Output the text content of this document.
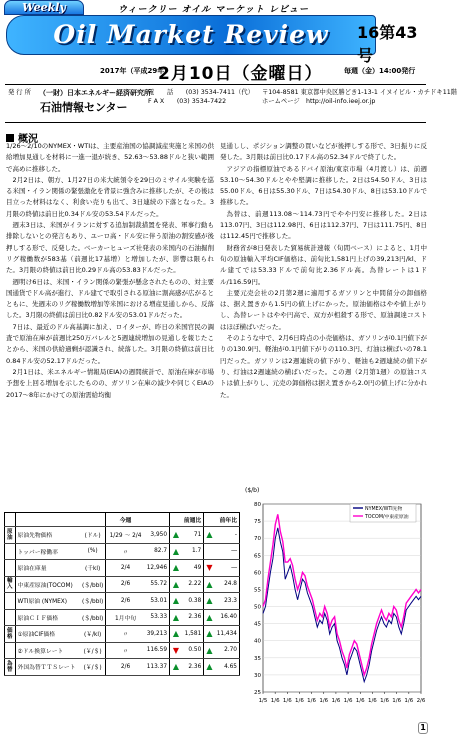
Weekly	ウィークリー オイル マーケット レビュー
Oil Market Review	16第43号
2017年（平成29年）
2月10日（金曜日）	毎週（金）14:00発行
発 行 所 （一財）日本エネルギー経済研究所
石油情報センター
電　　話　　(03) 3534-7411（代）
F A X　　(03) 3534-7422
〒104-8581 東京都中央区勝どき1-13-1 イヌイビル・カチドキ11階
ホームページ　http://oil-info.ieej.or.jp
概況

1/26～2/10のNYMEX・WTIは、主要産油国の協調減産実施と米国の供給増加見通しを材料に一進一退が続き、52.63～53.88ドルと狭い範囲で高めに推移した。

2月2日は、朝方、1月27日の米大統領令を29日のミサイル実験を巡る米国・イラン関係の緊張激化を背景に強含みに推移したが、その後は目立った材料はなく、利食い売りも出て、3日連続の下落となった。3月限の終値は前日比0.34ドル安の53.54ドルだった。

週末3日は、米国がイランに対する追加制裁措置を発表、軍事行動も排除しないとの発言もあり、ユーロ高・ドル安に伴う原油の割安感が後押しする形で、反発した。ベーカーヒューズ社発表の米国内の石油掘削リグ稼働数が583基（前週比17基増）と増加したが、影響は限られた。3月限の終値は前日比0.29ドル高の53.83ドルだった。

週明け6日は、米国・イラン関係の緊張が懸念されたものの、対主要国通貨でドル高が進行、ドル建てで取引される原油に割高感が広がるとともに、先週末のリグ稼働数増加等米国における増産見通しから、反落した。3月限の終値は前日比0.82ドル安の53.01ドルだった。

7日は、最近のドル高基調に加え、ロイターが、昨日の米国官民の調査で原油在庫が前週比250万バレルと5週連続増加の見通しを報じたことから、米国の供給過剰が認識され、続落した。3月限の終値は前日比0.84ドル安の52.17ドルだった。

2月1日は、米エネルギー情報局(EIA)の週間統計で、原油在庫が市場予想を上回る増加を示したものの、ガソリン在庫の減少や同じくEIAの2017～8年にかけての原油需給均衡

見通しし、ポジション調整の買いなどが後押しする形で、3日振りに反発した。3月限は前日比0.17ドル高の52.34ドルで終了した。

アジアの指標原油であるドバイ原油/東京市場（4月渡し）は、前週53.10～54.30ドルとやや堅調に推移した。2日は54.50ドル、3日は55.00ドル、6日は55.30ドル、7日は54.30ドル、8日は53.10ドルで推移した。

為替は、前週113.08～114.73円でやや円安に推移した。2日は113.07円、3日は112.98円、6日は112.37円、7日は111.75円、8日は112.45円で推移した。

財務省が8日発表した貿易統計速報（旬間ベース）によると、1月中旬の原油輸入平均CIF価格は、前旬比1,581円上げの39,213円/kl、ドル建てでは53.33ドルで前旬比2.36ドル高。為替レートは1ドル/116.59円。

主要元売会社の2月第2週に適用するガソリンと中間留分の卸価格は、据え置きから1.5円の値上げにかった。原油価格はやや値上がりし、為替レートはやや円高で、双方が相殺する形で、原油調達コストはほぼ横ばいだった。

そのような中で、2月6日時点の小売価格は、ガソリンが0.1円値下がりの130.9円、軽油が0.1円値下がりの110.3円、灯油は横ばいの78.1円だった。ガソリンは2週連続の値下がり、軽油も2週連続の値下がり、灯油は2週連続の横ばいだった。この週（2月第1週）の原油コストは値上がりし、元売の卸価格は据え置きから2.0円の値上げに分かれた。

			今週			前週比		前年比
原油	原油先物価格	(ドル)	1/29 ～ 2/4	3,950	▲	71	▲	-
	トッパー稼働率	(%)	〃	82.7	▲	1.7		―
	原油在庫量	(千kl)	2/4	12,946	▲	49	▼	―
輸入	中東産原油(TOCOM)	(＄/bbl)	2/6	55.72	▲	2.22	▲	24.8
	WTI原油 (NYMEX)	(＄/bbl)	2/6	53.01	▲	0.38	▲	23.3
	原油ＣＩＦ価格	(＄/bbl)	1月中旬	53.33	▲	2.36	▲	16.40
価格	①原油CIF価格	(￥/kl)	〃	39,213	▲	1,581	▲	11,434
	②ドル換算レート	(￥/＄)	〃	116.59	▼	0.50	▲	2.70
為替	外国為替ＴＴＳレート	(￥/＄)	2/6	113.37	▲	2.36	▲	4.65
($/b)
25
30
35
40
45
50
55
60
65
70
75
80
1/5 1/6 1/6 1/6 1/6 1/6 1/6 1/6 1/6 1/6 1/6 1/6 1/6 2/6
NYMEX/WTI先物
TOCOM/中東産原油
1
